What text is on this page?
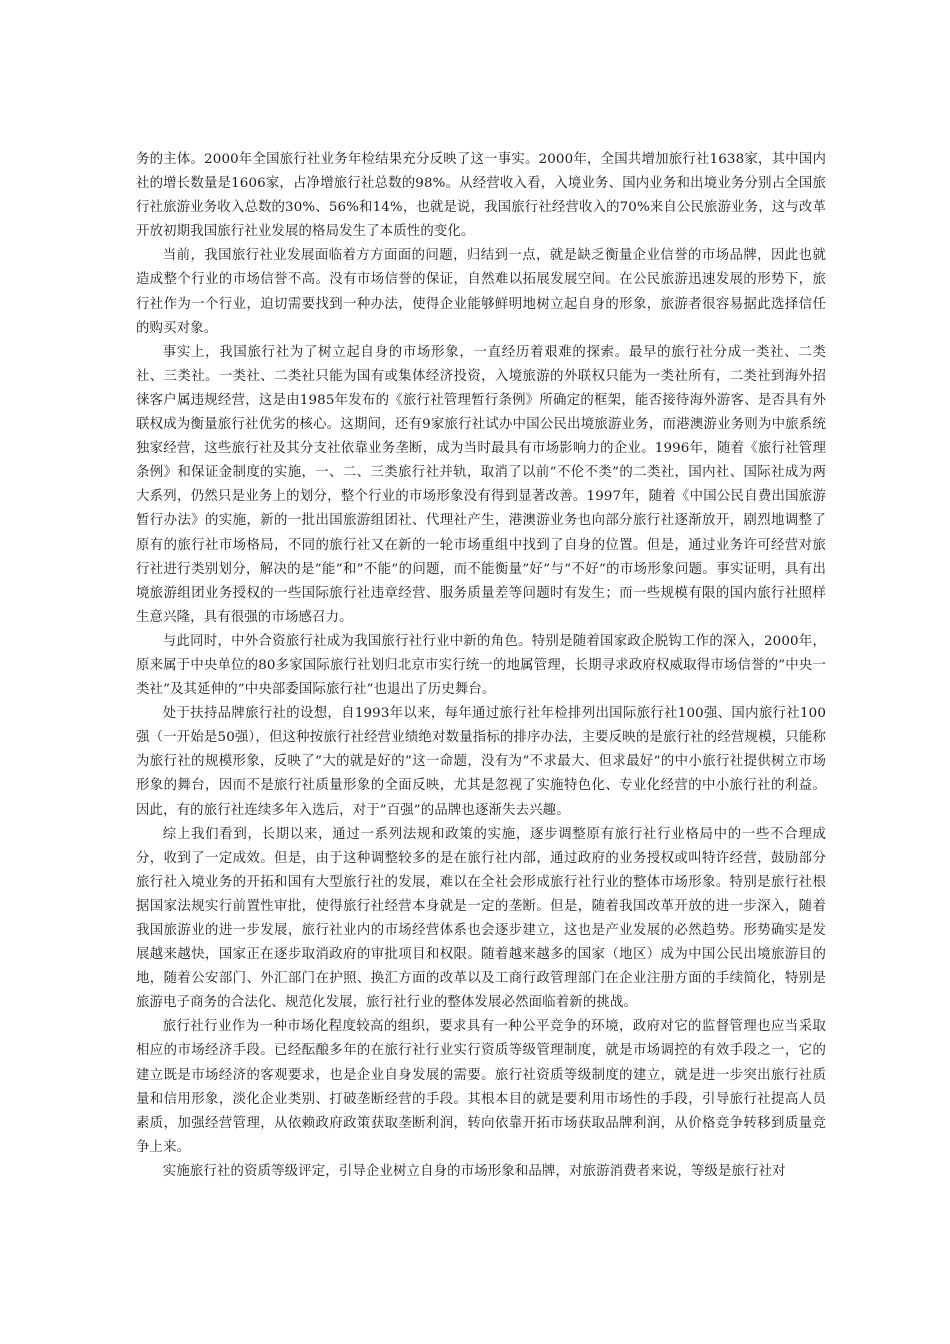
务的主体。2000年全国旅行社业务年检结果充分反映了这一事实。2000年，全国共增加旅行社1638家，其中国内社的增长数量是1606家，占净增旅行社总数的98%。从经营收入看，入境业务、国内业务和出境业务分别占全国旅行社旅游业务收入总数的30%、56%和14%，也就是说，我国旅行社经营收入的70%来自公民旅游业务，这与改革开放初期我国旅行社业发展的格局发生了本质性的变化。

当前，我国旅行社业发展面临着方方面面的问题，归结到一点，就是缺乏衡量企业信誉的市场品牌，因此也就造成整个行业的市场信誉不高。没有市场信誉的保证，自然难以拓展发展空间。在公民旅游迅速发展的形势下，旅行社作为一个行业，迫切需要找到一种办法，使得企业能够鲜明地树立起自身的形象，旅游者很容易据此选择信任的购买对象。

事实上，我国旅行社为了树立起自身的市场形象，一直经历着艰难的探索。最早的旅行社分成一类社、二类社、三类社。一类社、二类社只能为国有或集体经济投资，入境旅游的外联权只能为一类社所有，二类社到海外招徕客户属违规经营，这是由1985年发布的《旅行社管理暂行条例》所确定的框架，能否接待海外游客、是否具有外联权成为衡量旅行社优劣的核心。这期间，还有9家旅行社试办中国公民出境旅游业务，而港澳游业务则为中旅系统独家经营，这些旅行社及其分支社依靠业务垄断，成为当时最具有市场影响力的企业。1996年，随着《旅行社管理条例》和保证金制度的实施，一、二、三类旅行社并轨，取消了以前”不伦不类”的二类社，国内社、国际社成为两大系列，仍然只是业务上的划分，整个行业的市场形象没有得到显著改善。1997年，随着《中国公民自费出国旅游暂行办法》的实施，新的一批出国旅游组团社、代理社产生，港澳游业务也向部分旅行社逐渐放开，剧烈地调整了原有的旅行社市场格局，不同的旅行社又在新的一轮市场重组中找到了自身的位置。但是，通过业务许可经营对旅行社进行类别划分，解决的是”能”和”不能”的问题，而不能衡量”好”与”不好”的市场形象问题。事实证明，具有出境旅游组团业务授权的一些国际旅行社违章经营、服务质量差等问题时有发生；而一些规模有限的国内旅行社照样生意兴隆，具有很强的市场感召力。

与此同时，中外合资旅行社成为我国旅行社行业中新的角色。特别是随着国家政企脱钩工作的深入，2000年，原来属于中央单位的80多家国际旅行社划归北京市实行统一的地属管理，长期寻求政府权威取得市场信誉的”中央一类社”及其延伸的”中央部委国际旅行社”也退出了历史舞台。

处于扶持品牌旅行社的设想，自1993年以来，每年通过旅行社年检排列出国际旅行社100强、国内旅行社100强（一开始是50强），但这种按旅行社经营业绩绝对数量指标的排序办法，主要反映的是旅行社的经营规模，只能称为旅行社的规模形象，反映了”大的就是好的”这一命题，没有为”不求最大、但求最好”的中小旅行社提供树立市场形象的舞台，因而不是旅行社质量形象的全面反映，尤其是忽视了实施特色化、专业化经营的中小旅行社的利益。因此，有的旅行社连续多年入选后，对于”百强”的品牌也逐渐失去兴趣。

综上我们看到，长期以来，通过一系列法规和政策的实施，逐步调整原有旅行社行业格局中的一些不合理成分，收到了一定成效。但是，由于这种调整较多的是在旅行社内部，通过政府的业务授权或叫特许经营，鼓励部分旅行社入境业务的开拓和国有大型旅行社的发展，难以在全社会形成旅行社行业的整体市场形象。特别是旅行社根据国家法规实行前置性审批，使得旅行社经营本身就是一定的垄断。但是，随着我国改革开放的进一步深入，随着我国旅游业的进一步发展，旅行社业内的市场经营体系也会逐步建立，这也是产业发展的必然趋势。形势确实是发展越来越快，国家正在逐步取消政府的审批项目和权限。随着越来越多的国家（地区）成为中国公民出境旅游目的地，随着公安部门、外汇部门在护照、换汇方面的改革以及工商行政管理部门在企业注册方面的手续简化，特别是旅游电子商务的合法化、规范化发展，旅行社行业的整体发展必然面临着新的挑战。

旅行社行业作为一种市场化程度较高的组织，要求具有一种公平竞争的环境，政府对它的监督管理也应当采取相应的市场经济手段。已经酝酿多年的在旅行社行业实行资质等级管理制度，就是市场调控的有效手段之一，它的建立既是市场经济的客观要求，也是企业自身发展的需要。旅行社资质等级制度的建立，就是进一步突出旅行社质量和信用形象，淡化企业类别、打破垄断经营的手段。其根本目的就是要利用市场性的手段，引导旅行社提高人员素质，加强经营管理，从依赖政府政策获取垄断利润，转向依靠开拓市场获取品牌利润，从价格竞争转移到质量竞争上来。

实施旅行社的资质等级评定，引导企业树立自身的市场形象和品牌，对旅游消费者来说，等级是旅行社对
